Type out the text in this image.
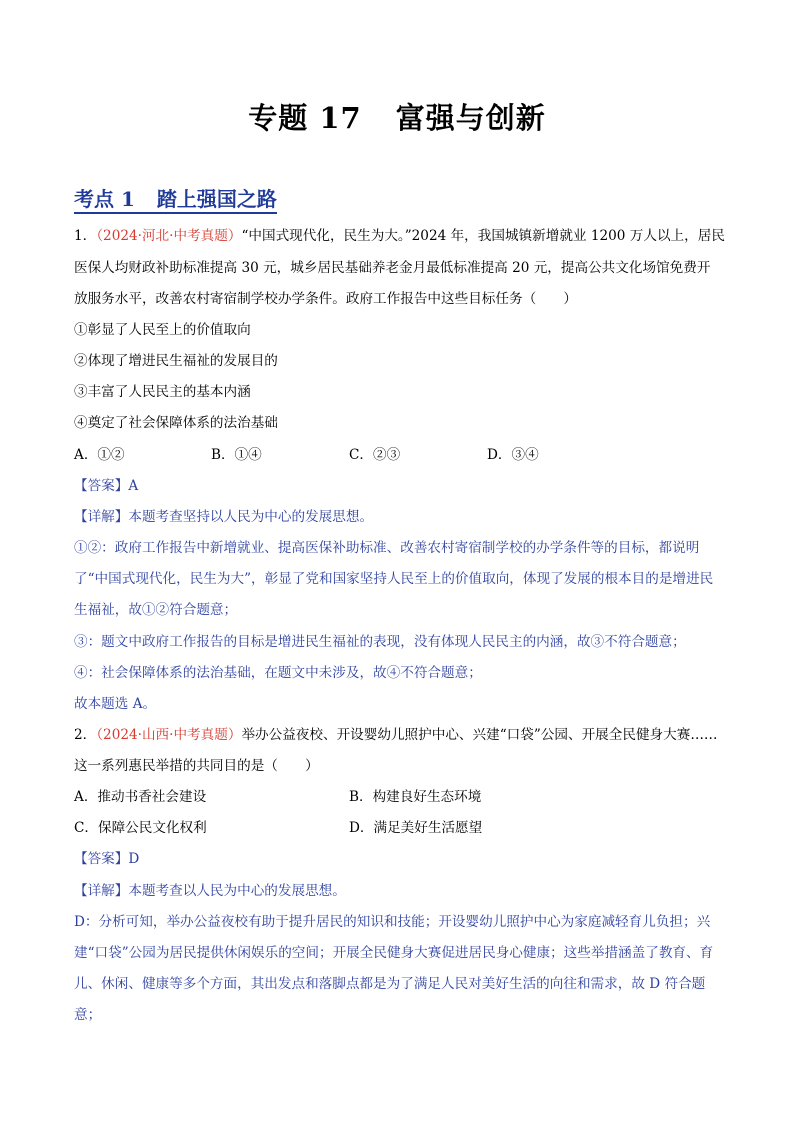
专题 17 富强与创新
考点 1 踏上强国之路
1．（2024·河北·中考真题）“中国式现代化，民生为大。”2024 年，我国城镇新增就业 1200 万人以上，居民
医保人均财政补助标准提高 30 元，城乡居民基础养老金月最低标准提高 20 元，提高公共文化场馆免费开
放服务水平，改善农村寄宿制学校办学条件。政府工作报告中这些目标任务（　　）
①彰显了人民至上的价值取向
②体现了增进民生福祉的发展目的
③丰富了人民民主的基本内涵
④奠定了社会保障体系的法治基础
A．①②	B．①④	C．②③	D．③④
【答案】A
【详解】本题考查坚持以人民为中心的发展思想。
①②：政府工作报告中新增就业、提高医保补助标准、改善农村寄宿制学校的办学条件等的目标，都说明
了“中国式现代化，民生为大”，彰显了党和国家坚持人民至上的价值取向，体现了发展的根本目的是增进民
生福祉，故①②符合题意；
③：题文中政府工作报告的目标是增进民生福祉的表现，没有体现人民民主的内涵，故③不符合题意；
④：社会保障体系的法治基础，在题文中未涉及，故④不符合题意；
故本题选 A。
2．（2024·山西·中考真题）举办公益夜校、开设婴幼儿照护中心、兴建“口袋”公园、开展全民健身大赛……
这一系列惠民举措的共同目的是（　　）
A．推动书香社会建设	B．构建良好生态环境
C．保障公民文化权利	D．满足美好生活愿望
【答案】D
【详解】本题考查以人民为中心的发展思想。
D：分析可知，举办公益夜校有助于提升居民的知识和技能；开设婴幼儿照护中心为家庭减轻育儿负担；兴
建“口袋”公园为居民提供休闲娱乐的空间；开展全民健身大赛促进居民身心健康；这些举措涵盖了教育、育
儿、休闲、健康等多个方面，其出发点和落脚点都是为了满足人民对美好生活的向往和需求，故 D 符合题
意；
